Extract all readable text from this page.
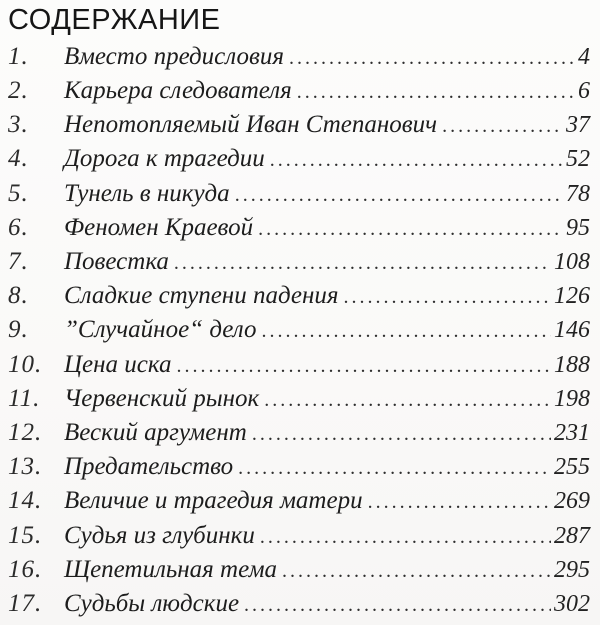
СОДЕРЖАНИЕ
1.	Вместо предисловия .....	4
2.	Карьера следователя .....	6
3.	Непотопляемый Иван Степанович .....	37
4.	Дорога к трагедии .....	52
5.	Тунель в никуда .....	78
6.	Феномен Краевой .....	95
7.	Повестка .....	108
8.	Сладкие ступени падения .....	126
9.	”Случайное“ дело .....	146
10. Цена иска .....	188
11. Червенский рынок .....	198
12. Веский аргумент .....	231
13. Предательство .....	255
14. Величие и трагедия матери .....	269
15. Судья из глубинки .....	287
16. Щепетильная тема .....	295
17. Судьбы людские .....	302
